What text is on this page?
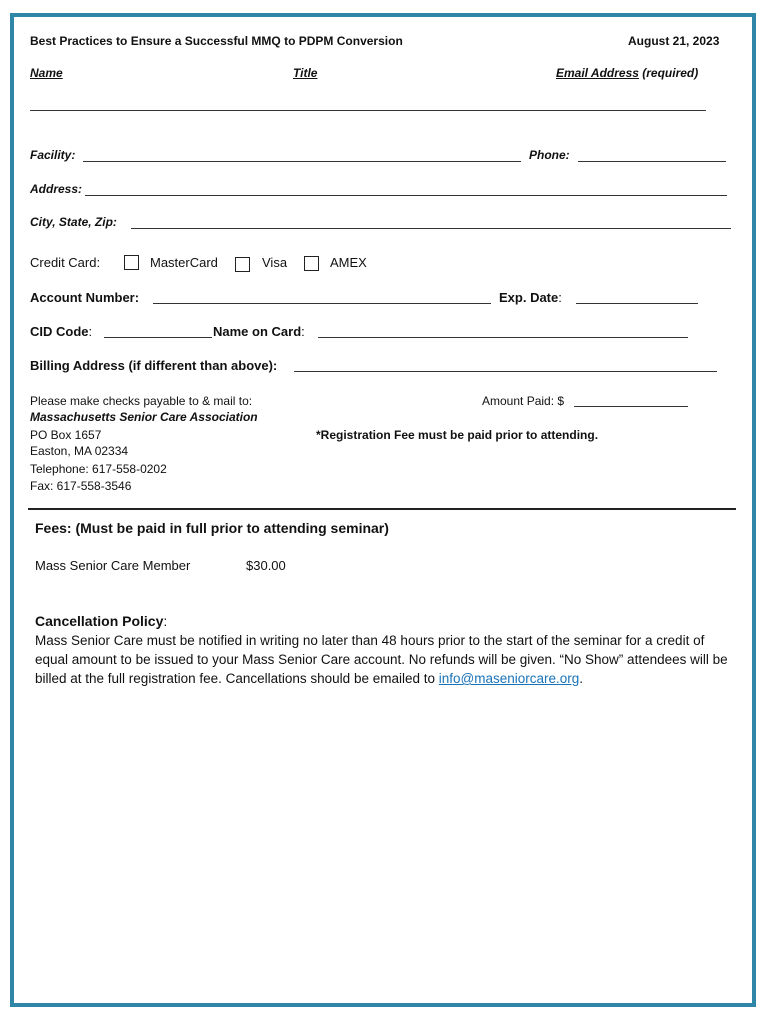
Best Practices to Ensure a Successful MMQ to PDPM Conversion	August 21, 2023
Name	Title	Email Address (required)
Facility:	Phone:
Address:
City, State, Zip:
Credit Card:	MasterCard	Visa	AMEX
Account Number:	Exp. Date:
CID Code:	Name on Card:
Billing Address (if different than above):
Please make checks payable to & mail to:
Massachusetts Senior Care Association
PO Box 1657
Easton, MA 02334
Telephone: 617-558-0202
Fax: 617-558-3546
Amount Paid: $
*Registration Fee must be paid prior to attending.
Fees: (Must be paid in full prior to attending seminar)
Mass Senior Care Member	$30.00
Cancellation Policy:
Mass Senior Care must be notified in writing no later than 48 hours prior to the start of the seminar for a credit of equal amount to be issued to your Mass Senior Care account. No refunds will be given. “No Show” attendees will be billed at the full registration fee. Cancellations should be emailed to info@maseniorcare.org.
